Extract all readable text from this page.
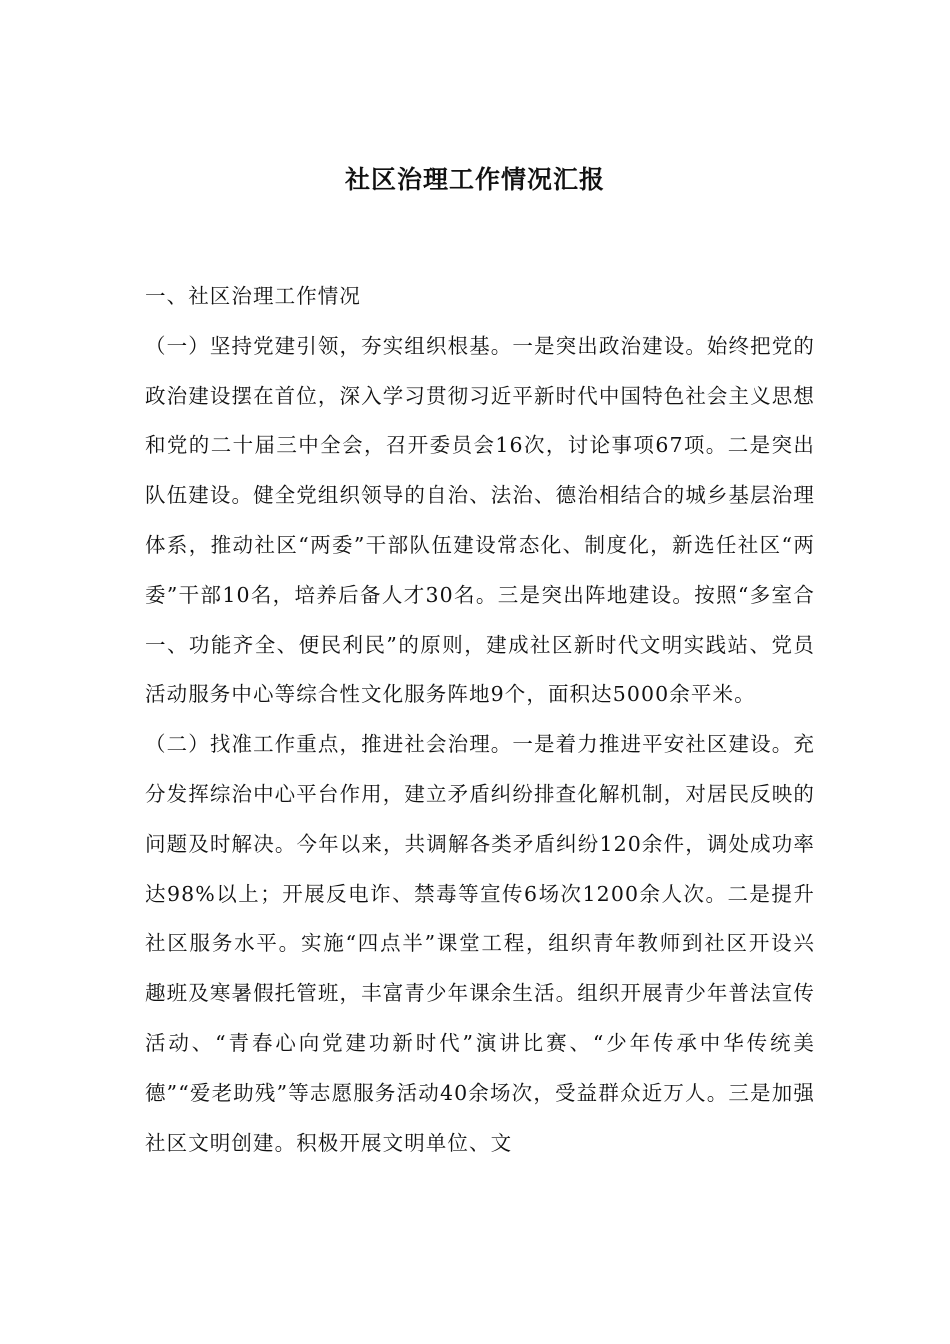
社区治理工作情况汇报

一、社区治理工作情况

（一）坚持党建引领，夯实组织根基。一是突出政治建设。始终把党的政治建设摆在首位，深入学习贯彻习近平新时代中国特色社会主义思想和党的二十届三中全会，召开委员会16次，讨论事项67项。二是突出队伍建设。健全党组织领导的自治、法治、德治相结合的城乡基层治理体系，推动社区“两委”干部队伍建设常态化、制度化，新选任社区“两委”干部10名，培养后备人才30名。三是突出阵地建设。按照“多室合一、功能齐全、便民利民”的原则，建成社区新时代文明实践站、党员活动服务中心等综合性文化服务阵地9个，面积达5000余平米。

（二）找准工作重点，推进社会治理。一是着力推进平安社区建设。充分发挥综治中心平台作用，建立矛盾纠纷排查化解机制，对居民反映的问题及时解决。今年以来，共调解各类矛盾纠纷120余件，调处成功率达98%以上；开展反电诈、禁毒等宣传6场次1200余人次。二是提升社区服务水平。实施“四点半”课堂工程，组织青年教师到社区开设兴趣班及寒暑假托管班，丰富青少年课余生活。组织开展青少年普法宣传活动、“青春心向党建功新时代”演讲比赛、“少年传承中华传统美德”“爱老助残”等志愿服务活动40余场次，受益群众近万人。三是加强社区文明创建。积极开展文明单位、文
